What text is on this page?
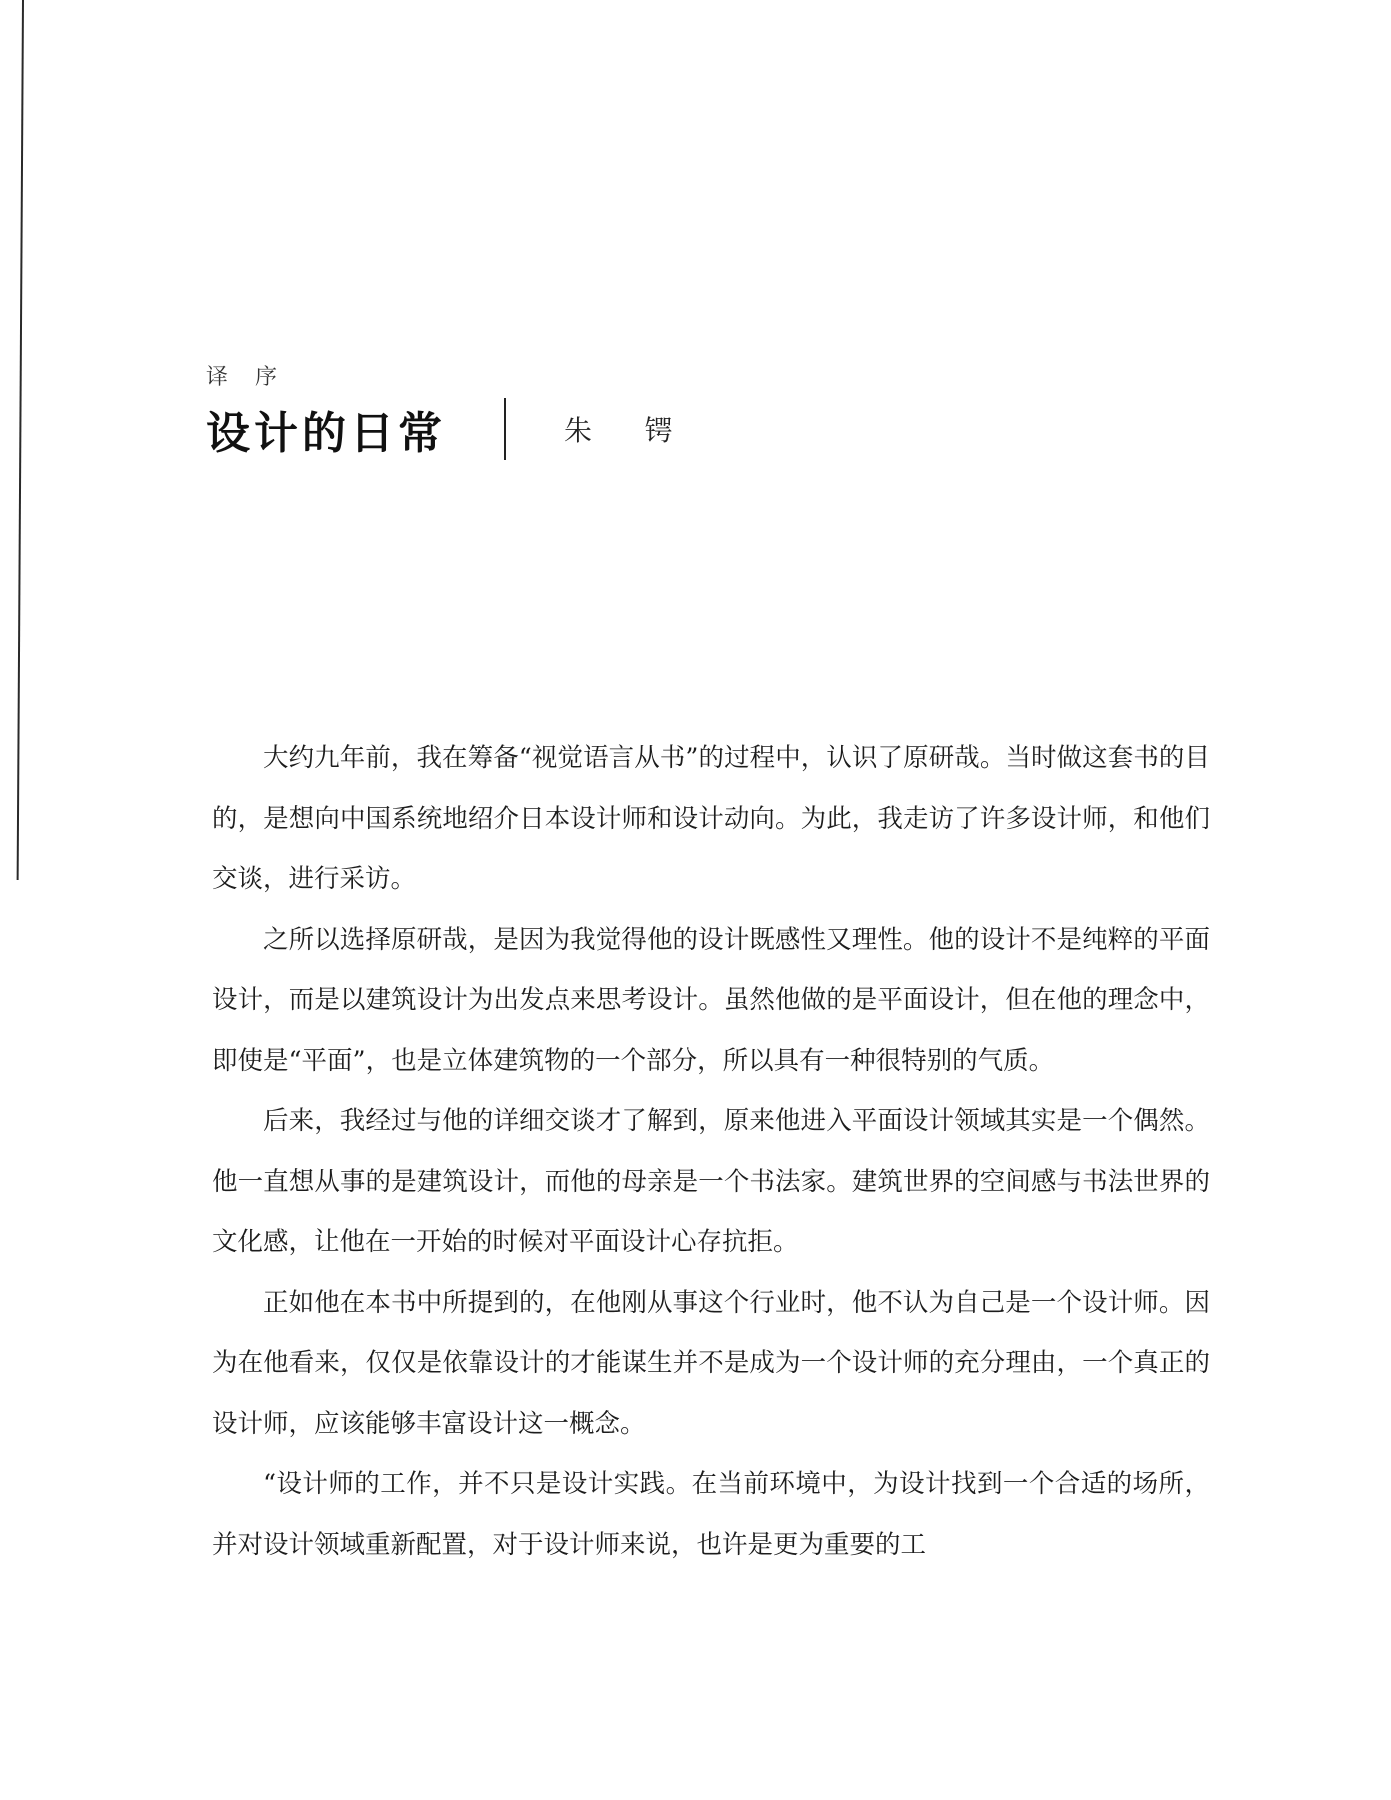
译 序
设计的日常	朱 锷

大约九年前，我在筹备“视觉语言从书”的过程中，认识了原研哉。当时做这套书的目的，是想向中国系统地绍介日本设计师和设计动向。为此，我走访了许多设计师，和他们交谈，进行采访。

之所以选择原研哉，是因为我觉得他的设计既感性又理性。他的设计不是纯粹的平面设计，而是以建筑设计为出发点来思考设计。虽然他做的是平面设计，但在他的理念中，即使是“平面”，也是立体建筑物的一个部分，所以具有一种很特别的气质。

后来，我经过与他的详细交谈才了解到，原来他进入平面设计领域其实是一个偶然。他一直想从事的是建筑设计，而他的母亲是一个书法家。建筑世界的空间感与书法世界的文化感，让他在一开始的时候对平面设计心存抗拒。

正如他在本书中所提到的，在他刚从事这个行业时，他不认为自己是一个设计师。因为在他看来，仅仅是依靠设计的才能谋生并不是成为一个设计师的充分理由，一个真正的设计师，应该能够丰富设计这一概念。

“设计师的工作，并不只是设计实践。在当前环境中，为设计找到一个合适的场所，并对设计领域重新配置，对于设计师来说，也许是更为重要的工
